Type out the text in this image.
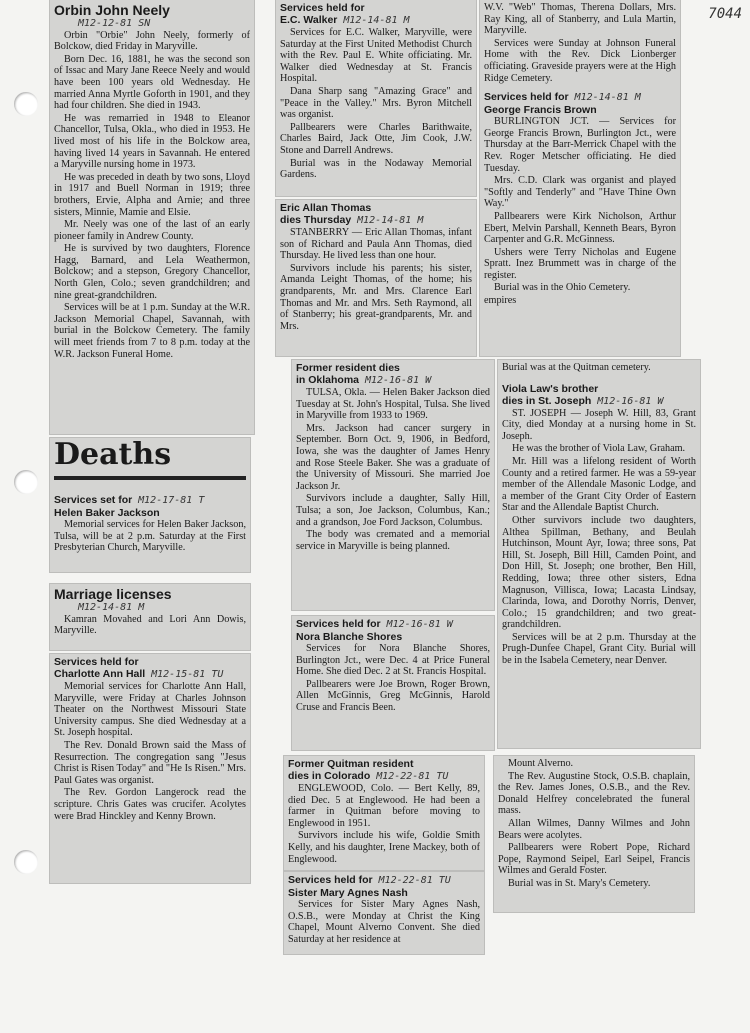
7044
Orbin John Neely
M12-12-81 SN

Orbin "Orbie" John Neely, formerly of Bolckow, died Friday in Maryville.

Born Dec. 16, 1881, he was the second son of Issac and Mary Jane Reece Neely and would have been 100 years old Wednesday. He married Anna Myrtle Goforth in 1901, and they had four children. She died in 1943.

He was remarried in 1948 to Eleanor Chancellor, Tulsa, Okla., who died in 1953. He lived most of his life in the Bolckow area, having lived 14 years in Savannah. He entered a Maryville nursing home in 1973.

He was preceded in death by two sons, Lloyd in 1917 and Buell Norman in 1919; three brothers, Ervie, Alpha and Arnie; and three sisters, Minnie, Mamie and Elsie.

Mr. Neely was one of the last of an early pioneer family in Andrew County.

He is survived by two daughters, Florence Hagg, Barnard, and Lela Weathermon, Bolckow; and a stepson, Gregory Chancellor, North Glen, Colo.; seven grandchildren; and nine great-grandchildren.

Services will be at 1 p.m. Sunday at the W.R. Jackson Memorial Chapel, Savannah, with burial in the Bolckow Cemetery. The family will meet friends from 7 to 8 p.m. today at the W.R. Jackson Funeral Home.

Deaths
Services set for M12-17-81 T
Helen Baker Jackson

Memorial services for Helen Baker Jackson, Tulsa, will be at 2 p.m. Saturday at the First Presbyterian Church, Maryville.

Marriage licenses
M12-14-81 M

Kamran Movahed and Lori Ann Dowis, Maryville.

Services held for
Charlotte Ann Hall M12-15-81 TU

Memorial services for Charlotte Ann Hall, Maryville, were Friday at Charles Johnson Theater on the Northwest Missouri State University campus. She died Wednesday at a St. Joseph hospital.

The Rev. Donald Brown said the Mass of Resurrection. The congregation sang "Jesus Christ is Risen Today" and "He Is Risen." Mrs. Paul Gates was organist.

The Rev. Gordon Langerock read the scripture. Chris Gates was crucifer. Acolytes were Brad Hinckley and Kenny Brown.

Services held for
E.C. Walker M12-14-81 M

Services for E.C. Walker, Maryville, were Saturday at the First United Methodist Church with the Rev. Paul E. White officiating. Mr. Walker died Wednesday at St. Francis Hospital.

Dana Sharp sang "Amazing Grace" and "Peace in the Valley." Mrs. Byron Mitchell was organist.

Pallbearers were Charles Barithwaite, Charles Baird, Jack Otte, Jim Cook, J.W. Stone and Darrell Andrews.

Burial was in the Nodaway Memorial Gardens.

Eric Allan Thomas
dies Thursday M12-14-81 M

STANBERRY — Eric Allan Thomas, infant son of Richard and Paula Ann Thomas, died Thursday. He lived less than one hour.

Survivors include his parents; his sister, Amanda Leight Thomas, of the home; his grandparents, Mr. and Mrs. Clarence Earl Thomas and Mr. and Mrs. Seth Raymond, all of Stanberry; his great-grandparents, Mr. and Mrs.

W.V. "Web" Thomas, Therena Dollars, Mrs. Ray King, all of Stanberry, and Lula Martin, Maryville.

Services were Sunday at Johnson Funeral Home with the Rev. Dick Lionberger officiating. Graveside prayers were at the High Ridge Cemetery.

Services held for M12-14-81 M
George Francis Brown

BURLINGTON JCT. — Services for George Francis Brown, Burlington Jct., were Thursday at the Barr-Merrick Chapel with the Rev. Roger Metscher officiating. He died Tuesday.

Mrs. C.D. Clark was organist and played "Softly and Tenderly" and "Have Thine Own Way."

Pallbearers were Kirk Nicholson, Arthur Ebert, Melvin Parshall, Kenneth Bears, Byron Carpenter and G.R. McGinness.

Ushers were Terry Nicholas and Eugene Spratt. Inez Brummett was in charge of the register.

Burial was in the Ohio Cemetery.

empires

Former resident dies
in Oklahoma M12-16-81 W

TULSA, Okla. — Helen Baker Jackson died Tuesday at St. John's Hospital, Tulsa. She lived in Maryville from 1933 to 1969.

Mrs. Jackson had cancer surgery in September. Born Oct. 9, 1906, in Bedford, Iowa, she was the daughter of James Henry and Rose Steele Baker. She was a graduate of the University of Missouri. She married Joe Jackson Jr.

Survivors include a daughter, Sally Hill, Tulsa; a son, Joe Jackson, Columbus, Kan.; and a grandson, Joe Ford Jackson, Columbus.

The body was cremated and a memorial service in Maryville is being planned.

Services held for M12-16-81 W
Nora Blanche Shores

Services for Nora Blanche Shores, Burlington Jct., were Dec. 4 at Price Funeral Home. She died Dec. 2 at St. Francis Hospital.

Pallbearers were Joe Brown, Roger Brown, Allen McGinnis, Greg McGinnis, Harold Cruse and Francis Been.

Burial was at the Quitman cemetery.

Viola Law's brother
dies in St. Joseph M12-16-81 W

ST. JOSEPH — Joseph W. Hill, 83, Grant City, died Monday at a nursing home in St. Joseph.

He was the brother of Viola Law, Graham.

Mr. Hill was a lifelong resident of Worth County and a retired farmer. He was a 59-year member of the Allendale Masonic Lodge, and a member of the Grant City Order of Eastern Star and the Allendale Baptist Church.

Other survivors include two daughters, Althea Spillman, Bethany, and Beulah Hutchinson, Mount Ayr, Iowa; three sons, Pat Hill, St. Joseph, Bill Hill, Camden Point, and Don Hill, St. Joseph; one brother, Ben Hill, Redding, Iowa; three other sisters, Edna Magnuson, Villisca, Iowa; Lacasta Lindsay, Clarinda, Iowa, and Dorothy Norris, Denver, Colo.; 15 grandchildren; and two great-grandchildren.

Services will be at 2 p.m. Thursday at the Prugh-Dunfee Chapel, Grant City. Burial will be in the Isabela Cemetery, near Denver.

Former Quitman resident
dies in Colorado M12-22-81 TU

ENGLEWOOD, Colo. — Bert Kelly, 89, died Dec. 5 at Englewood. He had been a farmer in Quitman before moving to Englewood in 1951.

Survivors include his wife, Goldie Smith Kelly, and his daughter, Irene Mackey, both of Englewood.

Services held for M12-22-81 TU
Sister Mary Agnes Nash

Services for Sister Mary Agnes Nash, O.S.B., were Monday at Christ the King Chapel, Mount Alverno Convent. She died Saturday at her residence at

Mount Alverno.

The Rev. Augustine Stock, O.S.B. chaplain, the Rev. James Jones, O.S.B., and the Rev. Donald Helfrey concelebrated the funeral mass.

Allan Wilmes, Danny Wilmes and John Bears were acolytes.

Pallbearers were Robert Pope, Richard Pope, Raymond Seipel, Earl Seipel, Francis Wilmes and Gerald Foster.

Burial was in St. Mary's Cemetery.
